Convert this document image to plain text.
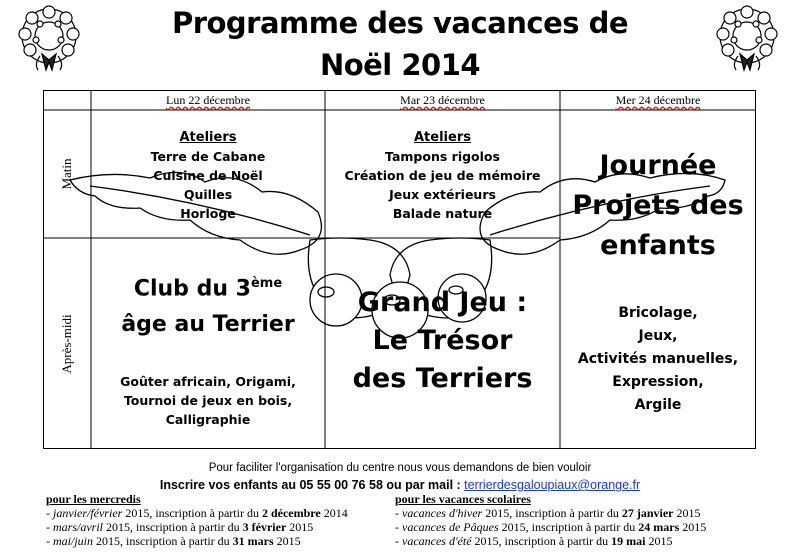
Programme des vacances de
Noël 2014
Lun 22 décembre	Mar 23 décembre	Mer 24 décembre
Matin
Après-midi
Ateliers
Terre de Cabane
Cuisine de Noël
Quilles
Horloge
Ateliers
Tampons rigolos
Création de jeu de mémoire
Jeux extérieurs
Balade nature
Journée
Projets des
enfants
Club du 3ème
âge au Terrier
Goûter africain, Origami,
Tournoi de jeux en bois,
Calligraphie
Grand Jeu :
Le Trésor
des Terriers
Bricolage,
Jeux,
Activités manuelles,
Expression,
Argile
Pour faciliter l'organisation du centre nous vous demandons de bien vouloir
Inscrire vos enfants au 05 55 00 76 58 ou par mail : terrierdesgaloupiaux@orange.fr
pour les mercredis
- janvier/février 2015, inscription à partir du 2 décembre 2014
- mars/avril 2015, inscription à partir du 3 février 2015
- mai/juin 2015, inscription à partir du 31 mars 2015
pour les vacances scolaires
- vacances d'hiver 2015, inscription à partir du 27 janvier 2015
- vacances de Pâques 2015, inscription à partir du 24 mars 2015
- vacances d'été 2015, inscription à partir du 19 mai 2015
